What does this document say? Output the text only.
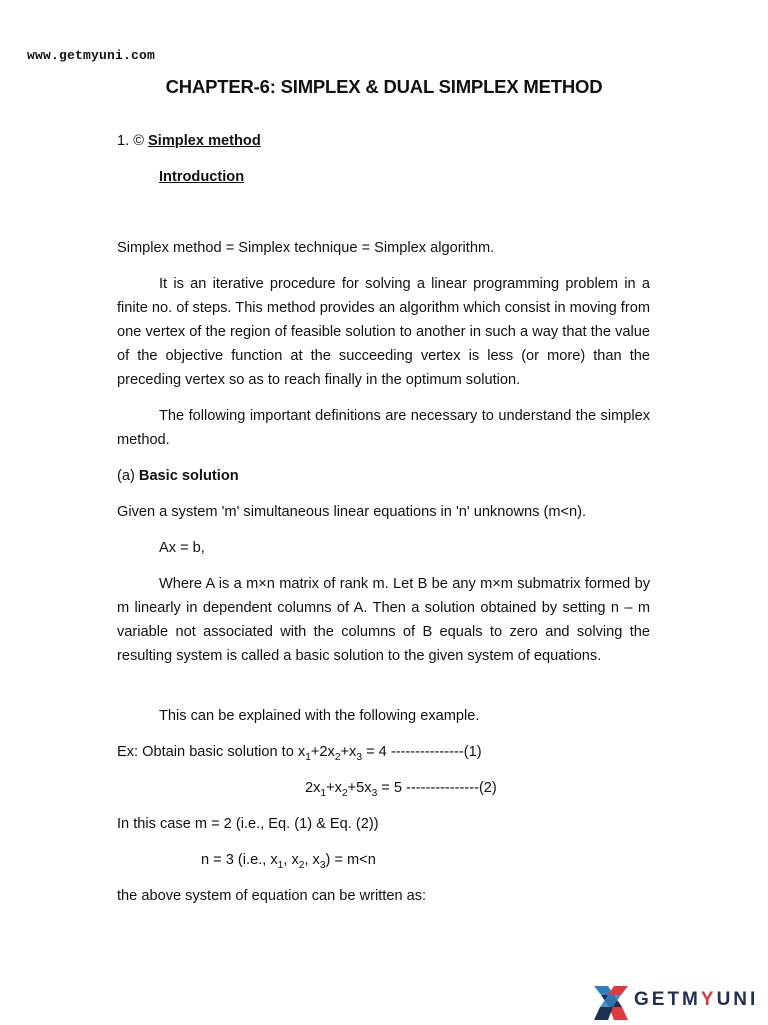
www.getmyuni.com
CHAPTER-6: SIMPLEX & DUAL SIMPLEX METHOD
1. © Simplex method
Introduction
Simplex method = Simplex technique = Simplex algorithm.
It is an iterative procedure for solving a linear programming problem in a finite no. of steps. This method provides an algorithm which consist in moving from one vertex of the region of feasible solution to another in such a way that the value of the objective function at the succeeding vertex is less (or more) than the preceding vertex so as to reach finally in the optimum solution.
The following important definitions are necessary to understand the simplex method.
(a) Basic solution
Given a system 'm' simultaneous linear equations in 'n' unknowns (m<n).
Ax = b,
Where A is a m×n matrix of rank m. Let B be any m×m submatrix formed by m linearly in dependent columns of A. Then a solution obtained by setting n – m variable not associated with the columns of B equals to zero and solving the resulting system is called a basic solution to the given system of equations.
This can be explained with the following example.
Ex: Obtain basic solution to $x_1+2x_2+x_3 = 4$ ---------------(1)
$2x_1+x_2+5x_3 = 5$ ---------------(2)
In this case m = 2 (i.e., Eq. (1) & Eq. (2))
n = 3 (i.e., $x_1$, $x_2$, $x_3) = m<n$
the above system of equation can be written as:
GETMYUNI
